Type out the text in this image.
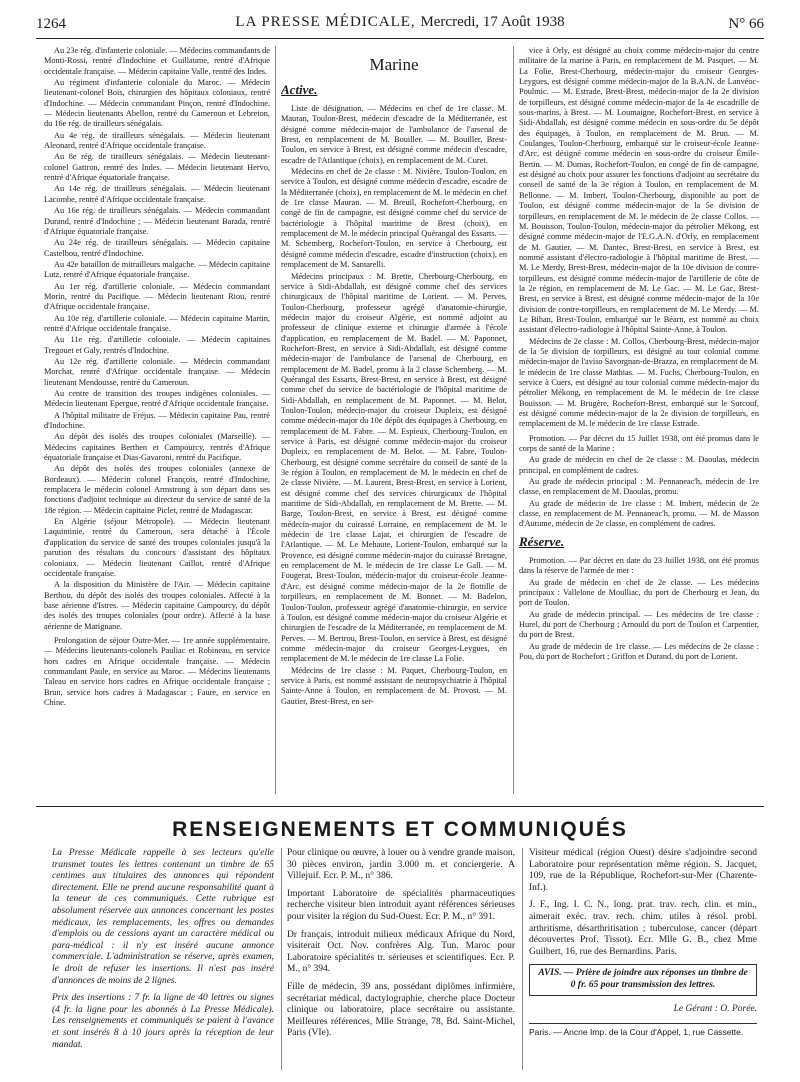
1264	LA PRESSE MÉDICALE, Mercredi, 17 Août 1938	N° 66

Au 23e rég. d'infanterie coloniale. — Médecins commandants de Monti-Rossi, rentré d'Indochine et Guillaume, rentré d'Afrique occidentale française. — Médecin capitaine Valle, rentré des Indes.

Au régiment d'infanterie coloniale du Maroc. — Médecin lieutenant-colonel Bois, chirurgien des hôpitaux coloniaux, rentré d'Indochine. — Médecin commandant Pinçon, rentré d'Indochine. — Médecin lieutenants Abellon, rentré du Cameroun et Lebreton, du 16e rég. de tirailleurs sénégalais.

Au 4e rég. de tirailleurs sénégalais. — Médecin lieutenant Aleonard, rentré d'Afrique occidentale française.

Au 8e rég. de tirailleurs sénégalais. — Médecin lieutenant-colonel Gattron, rentré des Indes. — Médecin lieutenant Hervo, rentré d'Afrique équatoriale française.

Au 14e rég. de tirailleurs sénégalais. — Médecin lieutenant Lacombe, rentré d'Afrique occidentale française.

Au 16e rég. de tirailleurs sénégalais. — Médecin commandant Durand, rentré d'Indochine ; — Médecin lieutenant Barada, rentré d'Afrique équatoriale française.

Au 24e rég. de tirailleurs sénégalais. — Médecin capitaine Castelbou, rentré d'Indochine.

Au 42e bataillon de mitrailleurs malgache. — Médecin capitaine Lutz, rentré d'Afrique équatoriale française.

Au 1er rég. d'artillerie coloniale. — Médecin commandant Morin, rentré du Pacifique. — Médecin lieutenant Riou, rentré d'Afrique occidentale française.

Au 10e rég. d'artillerie coloniale. — Médecin capitaine Martin, rentré d'Afrique occidentale française.

Au 11e rég. d'artillerie coloniale. — Médecin capitaines Tregouet et Galy, rentrés d'Indochine.

Au 12e rég. d'artillerie coloniale. — Médecin commandant Morchat, rentré d'Afrique occidentale française. — Médecin lieutenant Mendousse, rentré du Cameroun.

Au centre de transition des troupes indigènes coloniales. — Médecin lieutenant Epergue, rentré d'Afrique occidentale française.

A l'hôpital militaire de Fréjus. — Médecin capitaine Pau, rentré d'Indochine.

Au dépôt des isolés des troupes coloniales (Marseille). — Médecins capitaines Berthen et Campourcy, rentrés d'Afrique équatoriale française et Dias-Gavaroni, rentré du Pacifique.

Au dépôt des isolés des troupes coloniales (annexe de Bordeaux). — Médecin colonel François, rentré d'Indochine, remplacera le médecin colonel Armstrong à son départ dans ses fonctions d'adjoint technique au directeur du service de santé de la 18e région. — Médecin capitaine Piclet, rentré de Madagascar.

En Algérie (séjour Métropole). — Médecin lieutenant Laquintinie, rentré du Cameroun, sera détaché à l'École d'application du service de santé des troupes coloniales jusqu'à la parution des résultats du concours d'assistant des hôpitaux coloniaux. — Médecin lieutenant Caillot, rentré d'Afrique occidentale française.

A la disposition du Ministère de l'Air. — Médecin capitaine Berthou, du dépôt des isolés des troupes coloniales. Affecté à la base aérienne d'Istres. — Médecin capitaine Campourcy, du dépôt des isolés des troupes coloniales (pour ordre). Affecté à la base aérienne de Marignane.

Prolongation de séjour Outre-Mer. — 1re année supplémentaire. — Médecins lieutenants-colonels Pauliac et Robineau, en service hors cadres en Afrique occidentale française. — Médecin commandant Paule, en service au Maroc. — Médecins lieutenants Taleau en service hors cadres en Afrique occidentale française ; Brun, service hors cadres à Madagascar ; Faure, en service en Chine.

Marine
Active.

Liste de désignation. — Médecins en chef de 1re classe. M. Mauran, Toulon-Brest, médecin d'escadre de la Méditerranée, est désigné comme médecin-major de l'ambulance de l'arsenal de Brest, en remplacement de M. Bouiller. — M. Bouiller, Brest-Toulon, en service à Brest, est désigné comme médecin d'escadre, escadre de l'Atlantique (choix), en remplacement de M. Curet.

Médecins en chef de 2e classe : M. Nivière, Toulon-Toulon, en service à Toulon, est désigné comme médecin d'escadre, escadre de la Méditerranée (choix), en remplacement de M. le médecin en chef de 1re classe Mauran. — M. Breuil, Rochefort-Cherbourg, en congé de fin de campagne, est désigné comme chef du service de bactériologie à l'hôpital maritime de Brest (choix), en remplacement de M. le médecin principal Quérangal des Essarts. — M. Schemberg, Rochefort-Toulon, en service à Cherbourg, est désigné comme médecin d'escadre, escadre d'instruction (choix), en remplacement de M. Santarelli.

Médecins principaux : M. Brette, Cherbourg-Cherbourg, en service à Sidi-Abdallah, est désigné comme chef des services chirurgicaux de l'hôpital maritime de Lorient. — M. Perves, Toulon-Cherbourg, professeur agrégé d'anatomie-chirurgie, médecin major du croiseur Algérie, est nommé adjoint au professeur de clinique externe et chirurgie d'armée à l'école d'application, en remplacement de M. Badel. — M. Paponnet, Rochefort-Brest, en service à Sidi-Abdallah, est désigné comme médecin-major de l'ambulance de l'arsenal de Cherbourg, en remplacement de M. Badel, promu à la 2 classe Schemberg. — M. Quérangal des Essarts, Brest-Brest, en service à Brest, est désigné comme chef du service de bactériologie de l'hôpital maritime de Sidi-Abdallah, en remplacement de M. Paponnet. — M. Belot, Toulon-Toulon, médecin-major du croiseur Dupleix, est désigné comme médecin-major du 10e dépôt des équipages à Cherbourg, en remplacement de M. Fabre. — M. Espieux, Cherbourg-Toulon, en service à Paris, est désigné comme médecin-major du croiseur Dupleix, en remplacement de M. Belot. — M. Fabre, Toulon-Cherbourg, est désigné comme secrétaire du conseil de santé de la 3e région à Toulon, en remplacement de M. le médecin en chef de 2e classe Nivière. — M. Laurent, Brest-Brest, en service à Lorient, est désigné comme chef des services chirurgicaux de l'hôpital maritime de Sidi-Abdallah, en remplacement de M. Brette. — M. Barge, Toulon-Brest, en service à Brest, est désigné comme médecin-major du cuirassé Lorraine, en remplacement de M. le médecin de 1re classe Lajat, et chirurgien de l'escadre de l'Atlantique. — M. Le Mehaute, Lorient-Toulon, embarqué sur la Provence, est désigné comme médecin-major du cuirassé Bretagne, en remplacement de M. le médecin de 1re classe Le Gall. — M. Fougerat, Brest-Toulon, médecin-major du croiseur-école Jeanne-d'Arc, est désigné comme médecin-major de la 2e flottille de torpilleurs, en remplacement de M. Bonnet. — M. Badelon, Toulon-Toulon, professeur agrégé d'anatomie-chirurgie, en service à Toulon, est désigné comme médecin-major du croiseur Algérie et chirurgien de l'escadre de la Méditerranée, en remplacement de M. Perves. — M. Bertrou, Brest-Toulon, en service à Brest, est désigné comme médecin-major du croiseur Georges-Leygues, en remplacement de M. le médecin de 1re classe La Folie.

Médecins de 1re classe : M. Paquet, Cherbourg-Toulon, en service à Paris, est nommé assistant de neuropsychiatrie à l'hôpital Sainte-Anne à Toulon, en remplacement de M. Provost. — M. Gautier, Brest-Brest, en ser-

vice à Orly, est désigné au choix comme médecin-major du centre militaire de la marine à Paris, en remplacement de M. Pasquet. — M. La Folie, Brest-Cherbourg, médecin-major du croiseur Georges-Leygues, est désigné comme médecin-major de la B.A.N. de Lanvéoc-Poulmic. — M. Estrade, Brest-Brest, médecin-major de la 2e division de torpilleurs, est désigné comme médecin-major de la 4e escadrille de sous-marins, à Brest. — M. Loumaigne, Rochefort-Brest, en service à Sidi-Abdallah, est désigné comme médecin en sous-ordre du 5e dépôt des équipages, à Toulon, en remplacement de M. Brun. — M. Coulanges, Toulon-Cherbourg, embarqué sur le croiseur-école Jeanne-d'Arc, est désigné comme médecin en sous-ordre du croiseur Émile-Bertin. — M. Dumas, Rochefort-Toulon, en congé de fin de campagne, est désigné au choix pour assurer les fonctions d'adjoint au secrétaire du conseil de santé de la 3e région à Toulon, en remplacement de M. Bellonne. — M. Imbert, Toulon-Cherbourg, disponible au port de Toulon, est désigné comme médecin-major de la 5e division de torpilleurs, en remplacement de M. le médecin de 2e classe Collos. — M. Bouisson, Toulon-Toulon, médecin-major du pétrolier Mékong, est désigné comme médecin-major de l'E.G.A.N. d'Orly, en remplacement de M. Gautier. — M. Dantec, Brest-Brest, en service à Brest, est nommé assistant d'électro-radiologie à l'hôpital maritime de Brest. — M. Le Merdy, Brest-Brest, médecin-major de la 10e division de contre-torpilleurs, est désigné comme médecin-major de l'artillerie de côte de la 2e région, en remplacement de M. Le Gac. — M. Le Gac, Brest-Brest, en service à Brest, est désigné comme médecin-major de la 10e division de contre-torpilleurs, en remplacement de M. Le Merdy. — M. Le Bihan, Brest-Toulon, embarqué sur le Béarn, est nommé au choix assistant d'électro-radiologie à l'hôpital Sainte-Anne, à Toulon.

Médecins de 2e classe : M. Collos, Cherbourg-Brest, médecin-major de la 5e division de torpilleurs, est désigné au tour colonial comme médecin-major de l'aviso Savorgnan-de-Brazza, en remplacement de M. le médecin de 1re classe Mathias. — M. Fuchs, Cherbourg-Toulon, en service à Cuers, est désigné au tour colonial comme médecin-major du pétrolier Mékong, en remplacement de M. le médecin de 1re classe Bouisson. — M. Brugère, Rochefort-Brest, embarqué sur le Surcouf, est désigné comme médecin-major de la 2e division de torpilleurs, en remplacement de M. le médecin de 1re classe Estrade.

Promotion. — Par décret du 15 Juillet 1938, ont été promus dans le corps de santé de la Marine :

Au grade de médecin en chef de 2e classe : M. Daoulas, médecin principal, en complément de cadres.

Au grade de médecin principal : M. Pennaneac'h, médecin de 1re classe, en remplacement de M. Daoulas, promu.

Au grade de médecin de 1re classe : M. Imbert, médecin de 2e classe, en remplacement de M. Pennaneac'h, promu. — M. de Masson d'Autume, médecin de 2e classe, en complément de cadres.

Réserve.

Promotion. — Par décret en date du 23 Juillet 1938, ont été promus dans la réserve de l'armée de mer :

Au grade de médecin en chef de 2e classe. — Les médecins principaux : Vallelone de Moulliac, du port de Cherbourg et Jean, du port de Toulon.

Au grade de médecin principal. — Les médecins de 1re classe : Hurel, du port de Cherbourg ; Arnould du port de Toulon et Carpentier, du port de Brest.

Au grade de médecin de 1re classe. — Les médecins de 2e classe : Pou, du port de Rochefort ; Griffon et Durand, du port de Lorient.

RENSEIGNEMENTS ET COMMUNIQUÉS

La Presse Médicale rappelle à ses lecteurs qu'elle transmet toutes les lettres contenant un timbre de 65 centimes aux titulaires des annonces qui répondent directement. Elle ne prend aucune responsabilité quant à la teneur de ces communiqués. Cette rubrique est absolument réservée aux annonces concernant les postes médicaux, les remplacements, les offres ou demandes d'emplois ou de cessions ayant un caractère médical ou para-médical : il n'y est inséré aucune annonce commerciale. L'administration se réserve, après examen, le droit de refuser les insertions. Il n'est pas inséré d'annonces de moins de 2 lignes.

Prix des insertions : 7 fr. la ligne de 40 lettres ou signes (4 fr. la ligne pour les abonnés à La Presse Médicale). Les renseignements et communiqués se paient à l'avance et sont insérés 8 à 10 jours après la réception de leur mandat.

Pour clinique ou œuvre, à louer ou à vendre grande maison, 30 pièces environ, jardin 3.000 m. et conciergerie. A Villejuif. Ecr. P. M., n° 386.

Important Laboratoire de spécialités pharmaceutiques recherche visiteur bien introduit ayant références sérieuses pour visiter la région du Sud-Ouest. Ecr. P. M., n° 391.

Dr français, introduit milieux médicaux Afrique du Nord, visiterait Oct. Nov. confrères Alg. Tun. Maroc pour Laboratoire spécialités tr. sérieuses et scientifiques. Ecr. P. M., n° 394.

Fille de médecin, 39 ans, possédant diplômes infirmière, secrétariat médical, dactylographie, cherche place Docteur clinique ou laboratoire, place secrétaire ou assistante. Meilleures références, Mlle Strange, 78, Bd. Saint-Michel, Paris (VIe).

Visiteur médical (région Ouest) désire s'adjoindre second Laboratoire pour représentation même région. S. Jacquet, 109, rue de la République, Rochefort-sur-Mer (Charente-Inf.).

J. F., Ing. I. C. N., long. prat. trav. rech. clin. et min., aimerait exéc. trav. rech. chim. utiles à résol. probl. arthritisme, désarthritisation ; tuberculose, cancer (départ découvertes Prof. Tissot). Ecr. Mlle G. B., chez Mme Guilbert, 16, rue des Bernardins. Paris.

AVIS. — Prière de joindre aux réponses un timbre de 0 fr. 65 pour transmission des lettres.

Le Gérant : O. Porée.

Paris. — Ancne Imp. de la Cour d'Appel, 1, rue Cassette.
